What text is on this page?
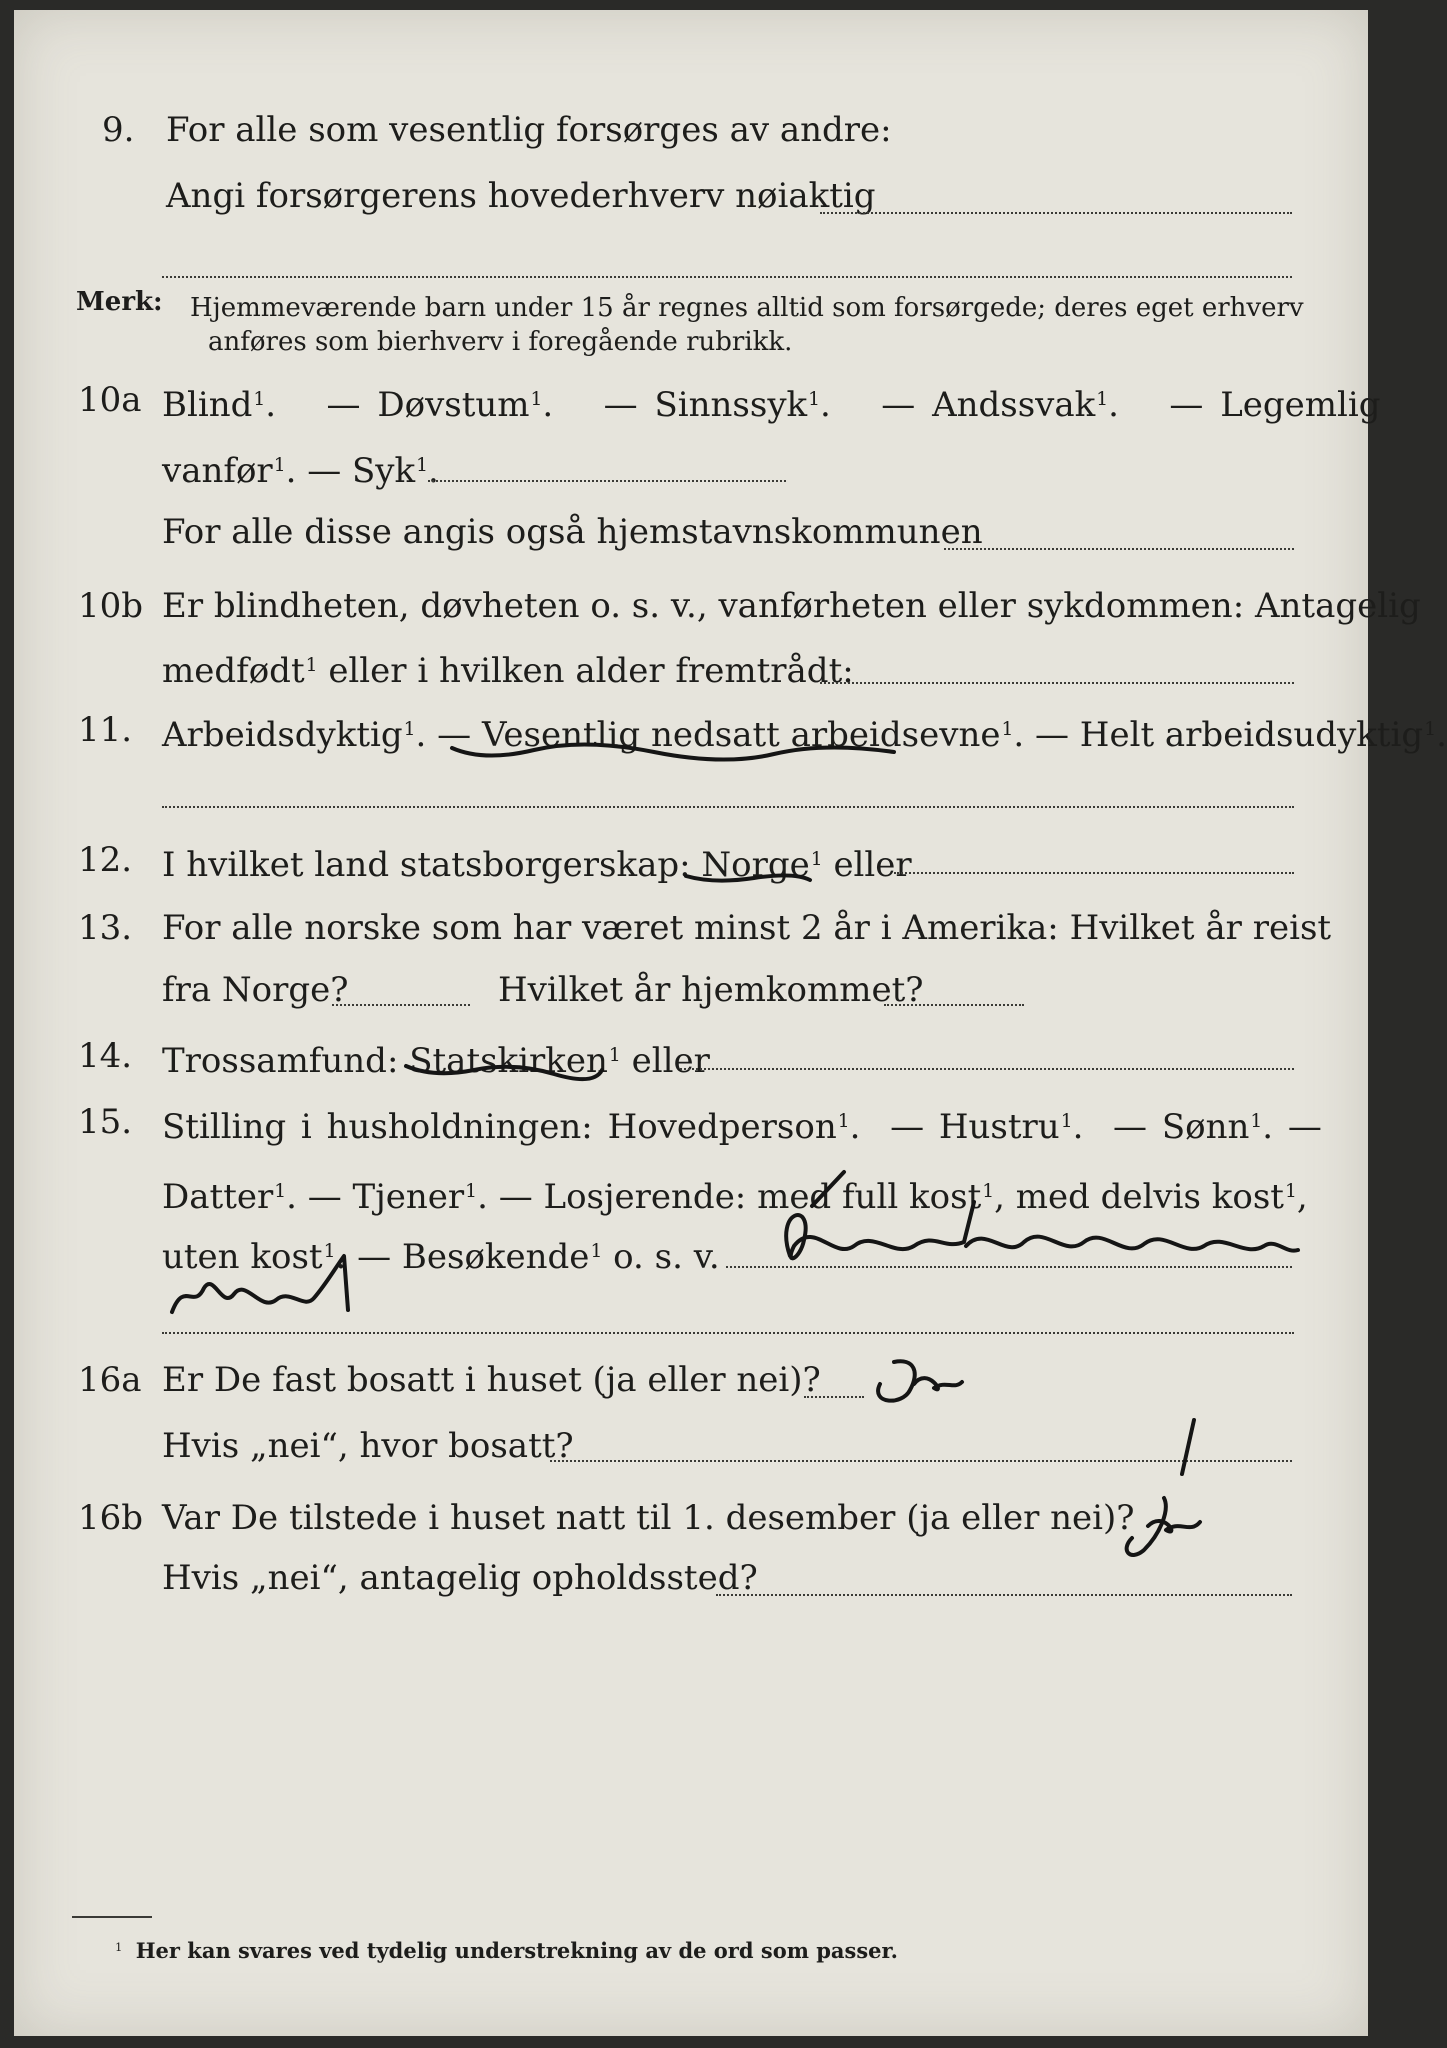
9. For alle som vesentlig forsørges av andre:
Angi forsørgerens hovederhverv nøiaktig
Merk: Hjemmeværende barn under 15 år regnes alltid som forsørgede; deres eget erhverv
anføres som bierhverv i foregående rubrikk.
10a Blind$^1$.   — Døvstum$^1$.   — Sinnssyk$^1$.   — Andssvak$^1$.   — Legemlig
vanfør$^1$. — Syk$^1$.
For alle disse angis også hjemstavnskommunen
10b Er blindheten, døvheten o. s. v., vanførheten eller sykdommen: Antagelig
medfødt$^1$ eller i hvilken alder fremtrådt:
11. Arbeidsdyktig$^1$. — Vesentlig nedsatt arbeidsevne$^1$. — Helt arbeidsudyktig$^1$.
12. I hvilket land statsborgerskap: Norge$^1$ eller
13. For alle norske som har været minst 2 år i Amerika: Hvilket år reist
fra Norge?	Hvilket år hjemkommet?
14. Trossamfund: Statskirken$^1$ eller
15. Stilling i husholdningen: Hovedperson$^1$.  — Hustru$^1$.  — Sønn$^1$. —
Datter$^1$. — Tjener$^1$. — Losjerende: med full kost$^1$, med delvis kost$^1$,
uten kost$^1$. — Besøkende$^1$ o. s. v.
16a Er De fast bosatt i huset (ja eller nei)?
Hvis „nei“, hvor bosatt?
16b Var De tilstede i huset natt til 1. desember (ja eller nei)?
Hvis „nei“, antagelig opholdssted?
$^1$ Her kan svares ved tydelig understrekning av de ord som passer.
